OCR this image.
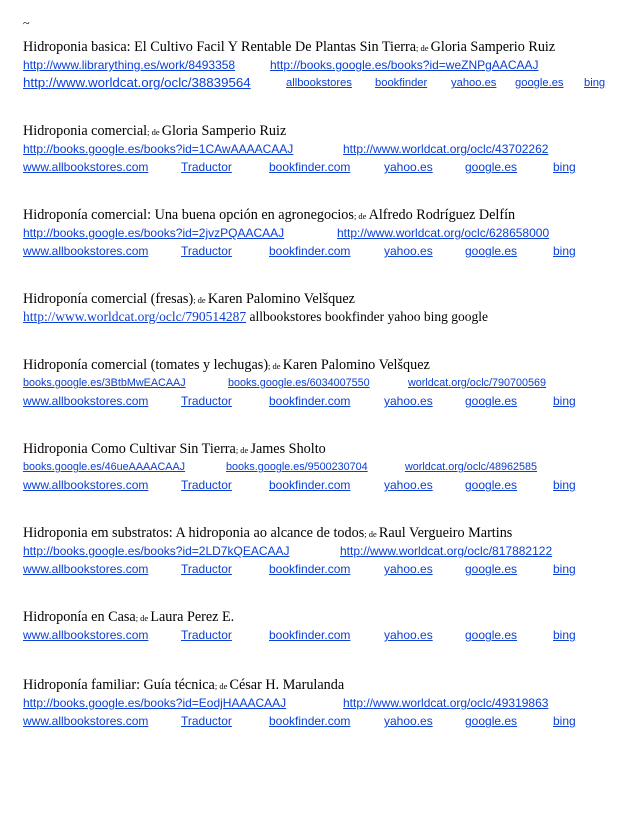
~
Hidroponia basica: El Cultivo Facil Y Rentable De Plantas Sin Tierra; de Gloria Samperio Ruiz
http://www.librarything.es/work/8493358	http://books.google.es/books?id=weZNPgAACAAJ
http://www.worldcat.org/oclc/38839564	allbookstores bookfinder yahoo.es google.es bing
Hidroponia comercial; de Gloria Samperio Ruiz
http://books.google.es/books?id=1CAwAAAACAAJ	http://www.worldcat.org/oclc/43702262
www.allbookstores.com	Traductor	bookfinder.com	yahoo.es	google.es	bing
Hidroponía comercial: Una buena opción en agronegocios; de Alfredo Rodríguez Delfín
http://books.google.es/books?id=2jvzPQAACAAJ	http://www.worldcat.org/oclc/628658000
www.allbookstores.com	Traductor	bookfinder.com	yahoo.es	google.es	bing
Hidroponía comercial (fresas); de Karen Palomino Velšquez
http://www.worldcat.org/oclc/790514287 allbookstores bookfinder yahoo bing google
Hidroponía comercial (tomates y lechugas); de Karen Palomino Velšquez
books.google.es/3BtbMwEACAAJ	books.google.es/6034007550	worldcat.org/oclc/790700569
www.allbookstores.com	Traductor	bookfinder.com	yahoo.es	google.es	bing
Hidroponia Como Cultivar Sin Tierra; de James Sholto
books.google.es/46ueAAAACAAJ	books.google.es/9500230704	worldcat.org/oclc/48962585
www.allbookstores.com	Traductor	bookfinder.com	yahoo.es	google.es	bing
Hidroponia em substratos: A hidroponia ao alcance de todos; de Raul Vergueiro Martins
http://books.google.es/books?id=2LD7kQEACAAJ	http://www.worldcat.org/oclc/817882122
www.allbookstores.com	Traductor	bookfinder.com	yahoo.es	google.es	bing
Hidroponía en Casa; de Laura Perez E.
www.allbookstores.com	Traductor	bookfinder.com	yahoo.es	google.es	bing
Hidroponía familiar: Guía técnica; de César H. Marulanda
http://books.google.es/books?id=EodjHAAACAAJ	http://www.worldcat.org/oclc/49319863
www.allbookstores.com	Traductor	bookfinder.com	yahoo.es	google.es	bing
